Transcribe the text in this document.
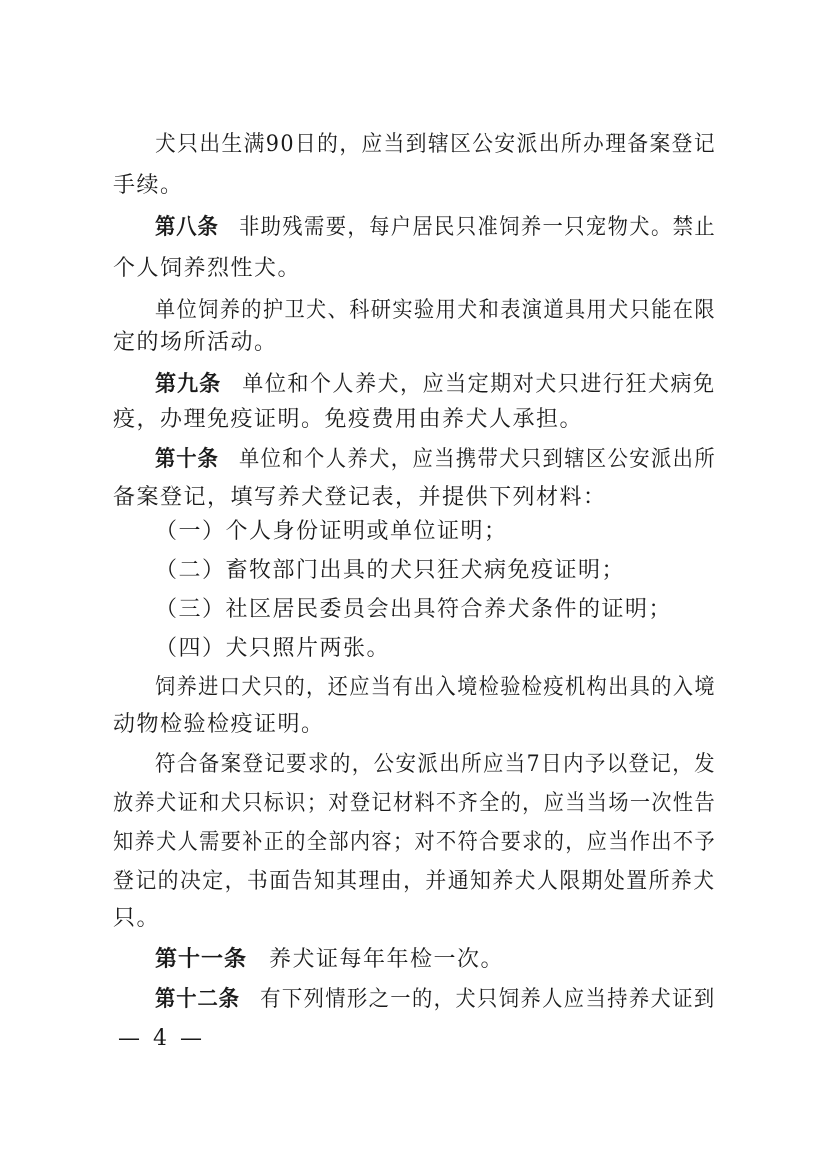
犬只出生满90日的，应当到辖区公安派出所办理备案登记
手续。
第八条 非助残需要，每户居民只准饲养一只宠物犬。禁止
个人饲养烈性犬。
单位饲养的护卫犬、科研实验用犬和表演道具用犬只能在限
定的场所活动。
第九条 单位和个人养犬，应当定期对犬只进行狂犬病免
疫，办理免疫证明。免疫费用由养犬人承担。
第十条 单位和个人养犬，应当携带犬只到辖区公安派出所
备案登记，填写养犬登记表，并提供下列材料：
（一）个人身份证明或单位证明；
（二）畜牧部门出具的犬只狂犬病免疫证明；
（三）社区居民委员会出具符合养犬条件的证明；
（四）犬只照片两张。
饲养进口犬只的，还应当有出入境检验检疫机构出具的入境
动物检验检疫证明。
符合备案登记要求的，公安派出所应当7日内予以登记，发
放养犬证和犬只标识；对登记材料不齐全的，应当当场一次性告
知养犬人需要补正的全部内容；对不符合要求的，应当作出不予
登记的决定，书面告知其理由，并通知养犬人限期处置所养犬
只。
第十一条 养犬证每年年检一次。
第十二条 有下列情形之一的，犬只饲养人应当持养犬证到
— 4 —
